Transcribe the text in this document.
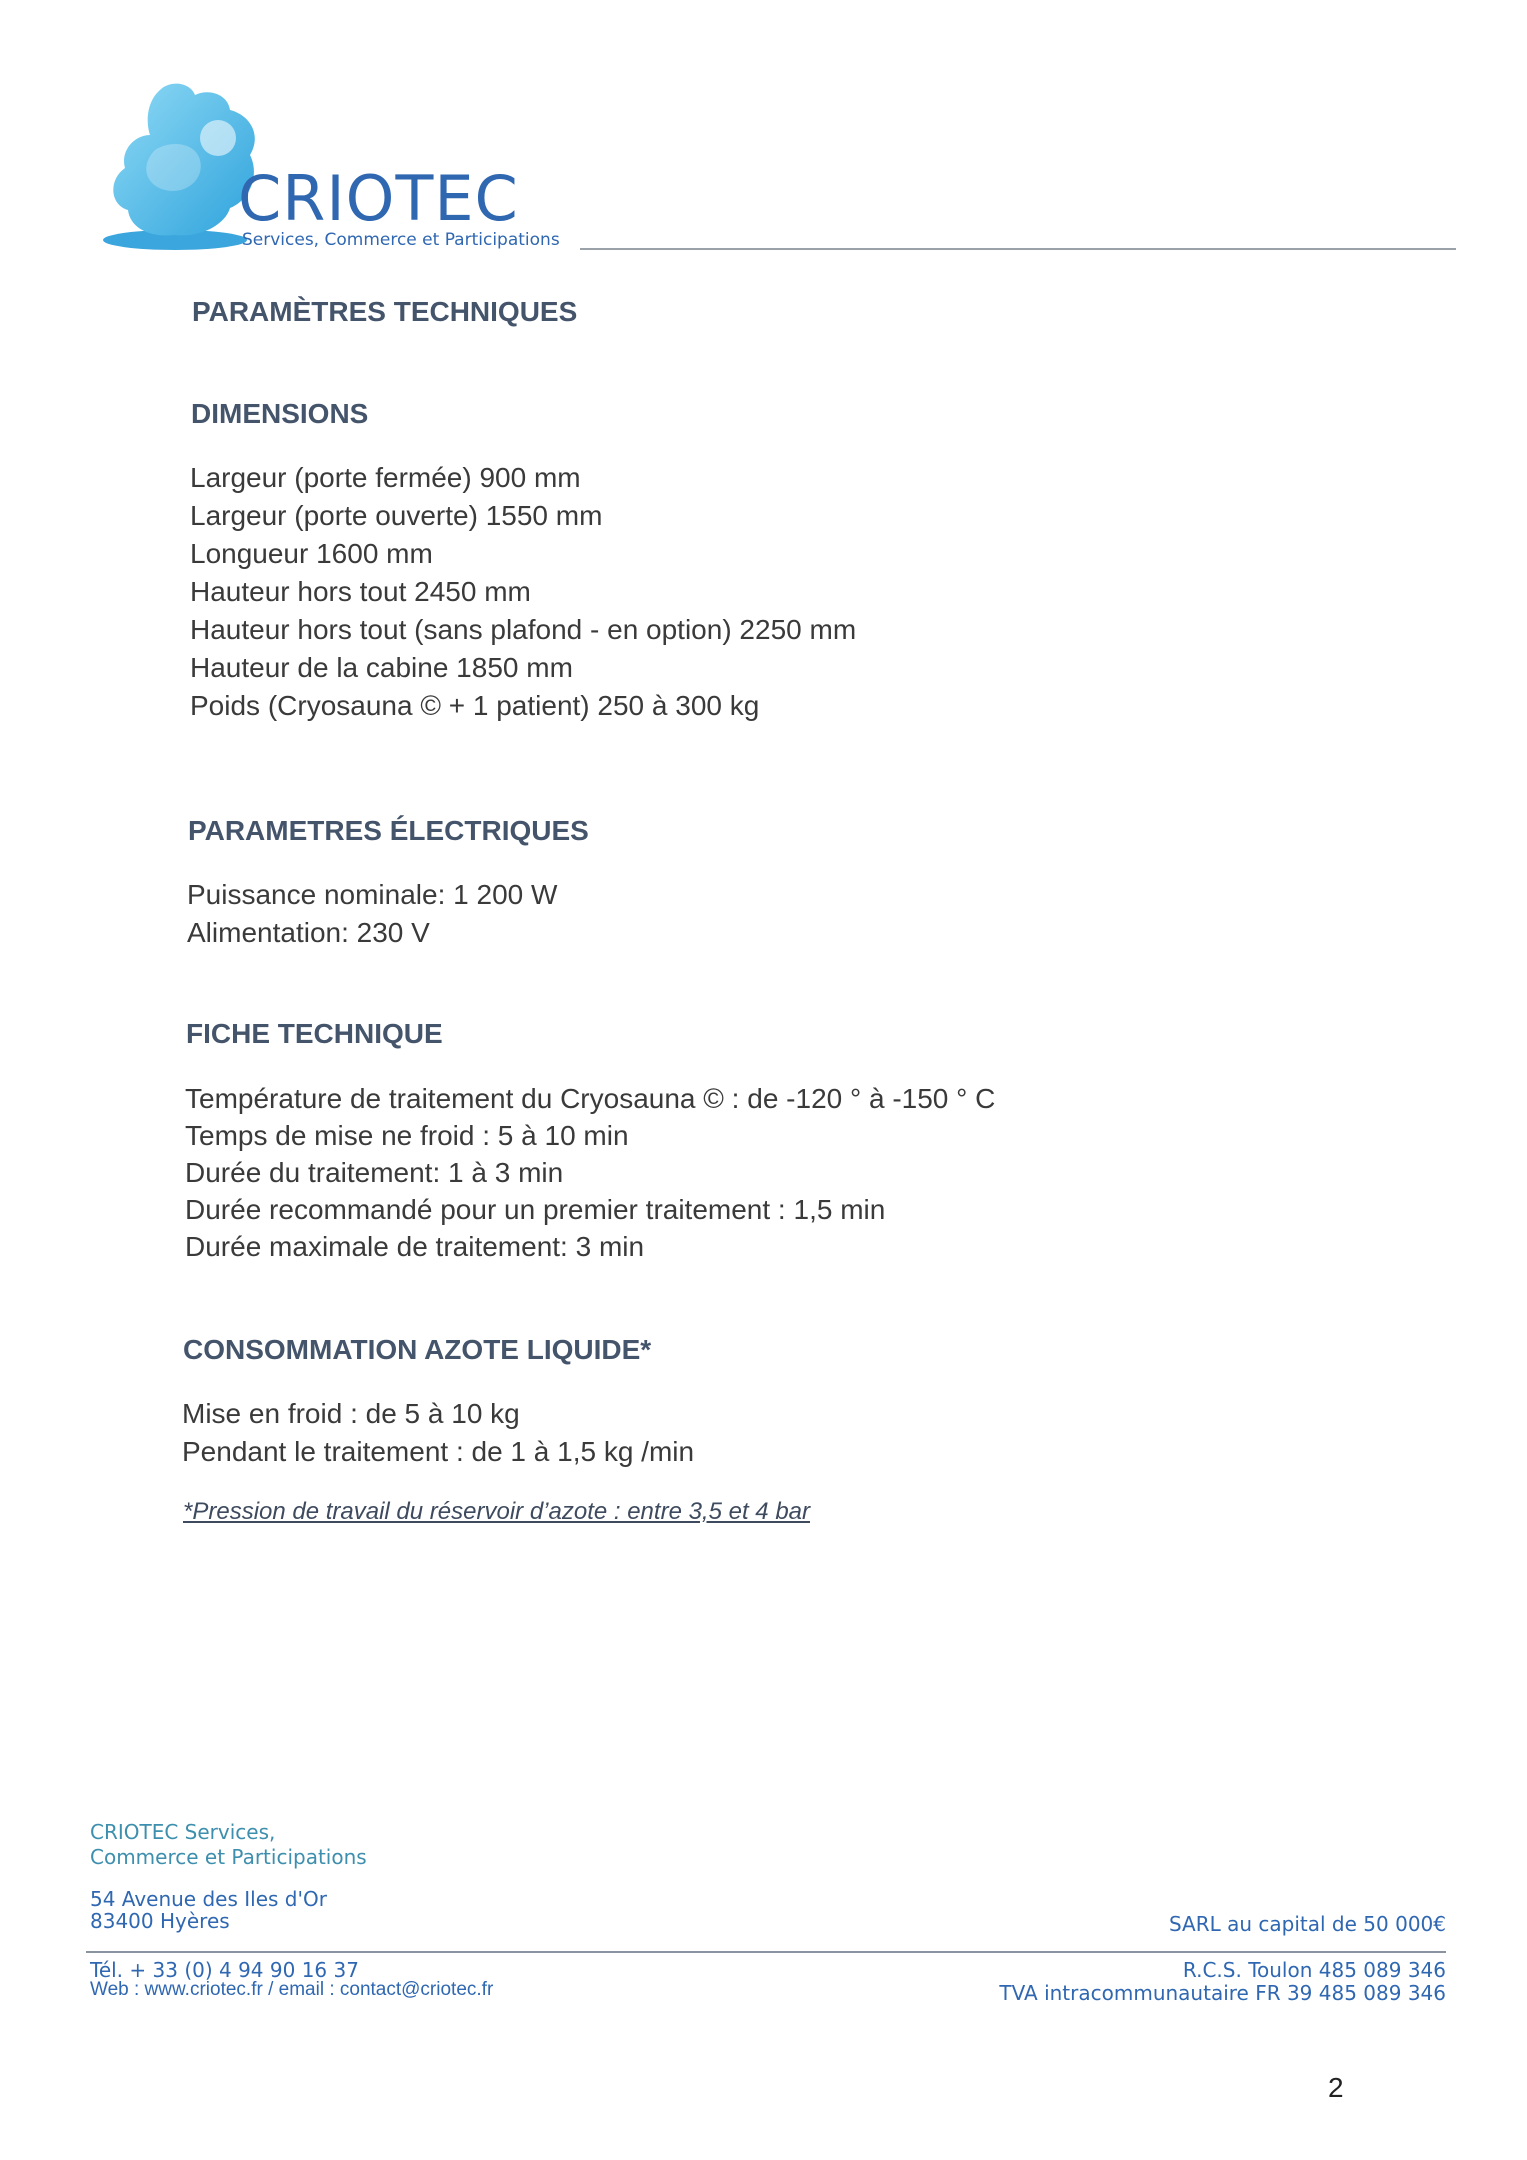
CRIOTEC
Services, Commerce et Participations
PARAMÈTRES TECHNIQUES
DIMENSIONS
Largeur (porte fermée) 900 mm
Largeur (porte ouverte) 1550 mm
Longueur 1600 mm
Hauteur hors tout 2450 mm
Hauteur hors tout (sans plafond - en option) 2250 mm
Hauteur de la cabine 1850 mm
Poids (Cryosauna © + 1 patient) 250 à 300 kg
PARAMETRES ÉLECTRIQUES
Puissance nominale: 1 200 W
Alimentation: 230 V
FICHE TECHNIQUE
Température de traitement du Cryosauna © : de -120 ° à -150 ° C
Temps de mise ne froid : 5 à 10 min
Durée du traitement: 1 à 3 min
Durée recommandé pour un premier traitement : 1,5 min
Durée maximale de traitement: 3 min
CONSOMMATION AZOTE LIQUIDE*
Mise en froid : de 5 à 10 kg
Pendant le traitement : de 1 à 1,5 kg /min
*Pression de travail du réservoir d’azote : entre 3,5 et 4 bar
CRIOTEC Services,
Commerce et Participations
54 Avenue des Iles d'Or
83400 Hyères	SARL au capital de 50 000€
Tél. + 33 (0) 4 94 90 16 37
Web : www.criotec.fr / email : contact@criotec.fr
R.C.S. Toulon 485 089 346
TVA intracommunautaire FR 39 485 089 346
2
